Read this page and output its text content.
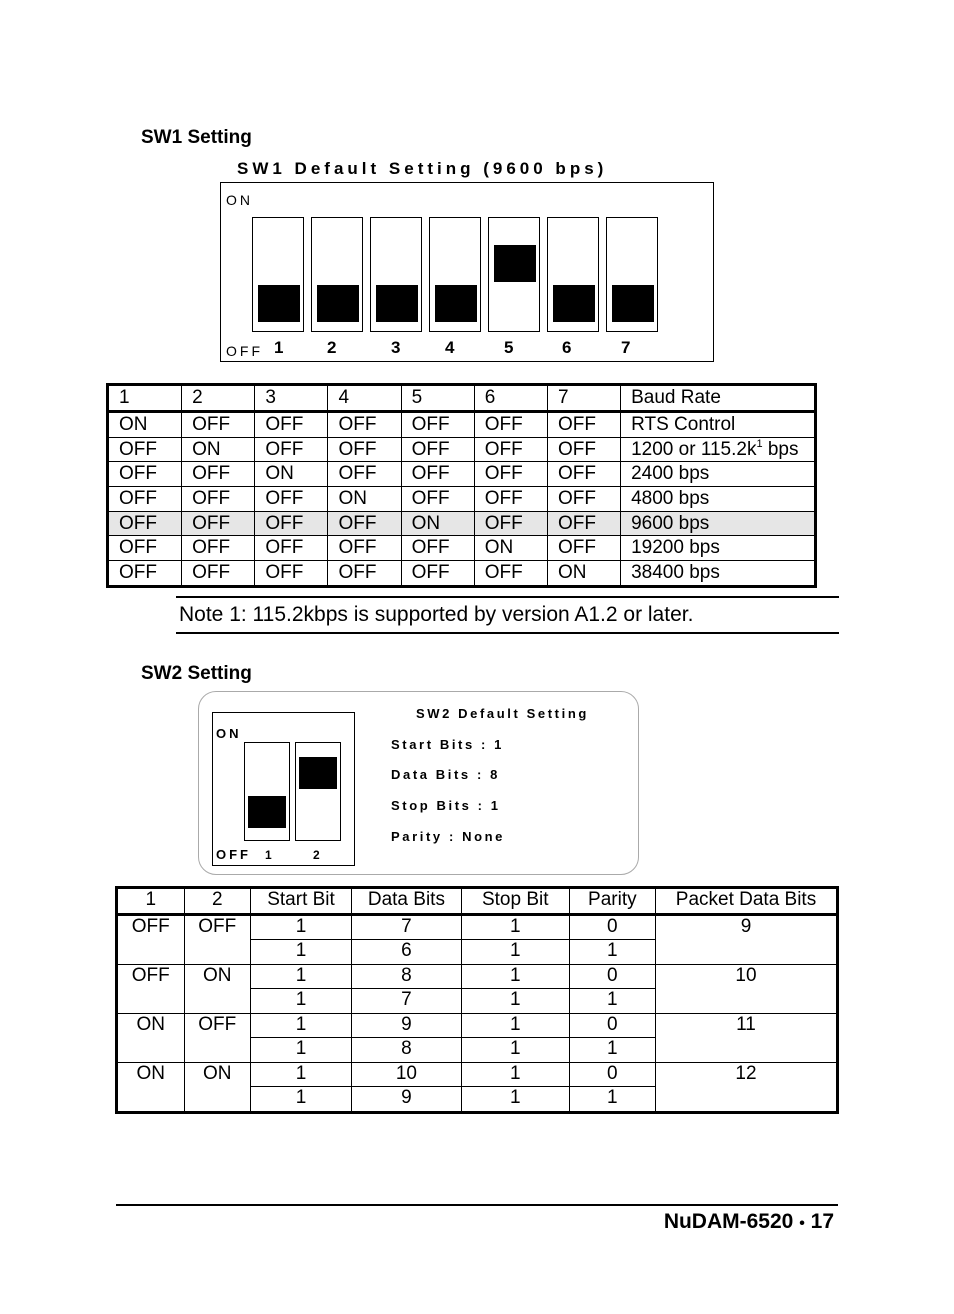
SW1 Setting
SW1 Default Setting (9600 bps)
ON
OFF 1	2	3	4	5	6	7
1	2	3	4	5	6	7	Baud Rate
ON	OFF	OFF	OFF	OFF	OFF	OFF	RTS Control
OFF	ON	OFF	OFF	OFF	OFF	OFF	1200 or $115.2k^1$ bps
OFF	OFF	ON	OFF	OFF	OFF	OFF	2400 bps
OFF	OFF	OFF	ON	OFF	OFF	OFF	4800 bps
OFF	OFF	OFF	OFF	ON	OFF	OFF	9600 bps
OFF	OFF	OFF	OFF	OFF	ON	OFF	19200 bps
OFF	OFF	OFF	OFF	OFF	OFF	ON	38400 bps
Note 1: 115.2kbps is supported by version A1.2 or later.
SW2 Setting
ON
OFF 1	2
SW2 Default Setting
Start Bits : 1
Data Bits : 8
Stop Bits : 1
Parity : None
1	2	Start Bit	Data Bits	Stop Bit	Parity	Packet Data Bits
OFF	OFF	1	7	1	0	9
		1	6	1	1	
OFF	ON	1	8	1	0	10
		1	7	1	1	
ON	OFF	1	9	1	0	11
		1	8	1	1	
ON	ON	1	10	1	0	12
		1	9	1	1	
NuDAM-6520 • 17
